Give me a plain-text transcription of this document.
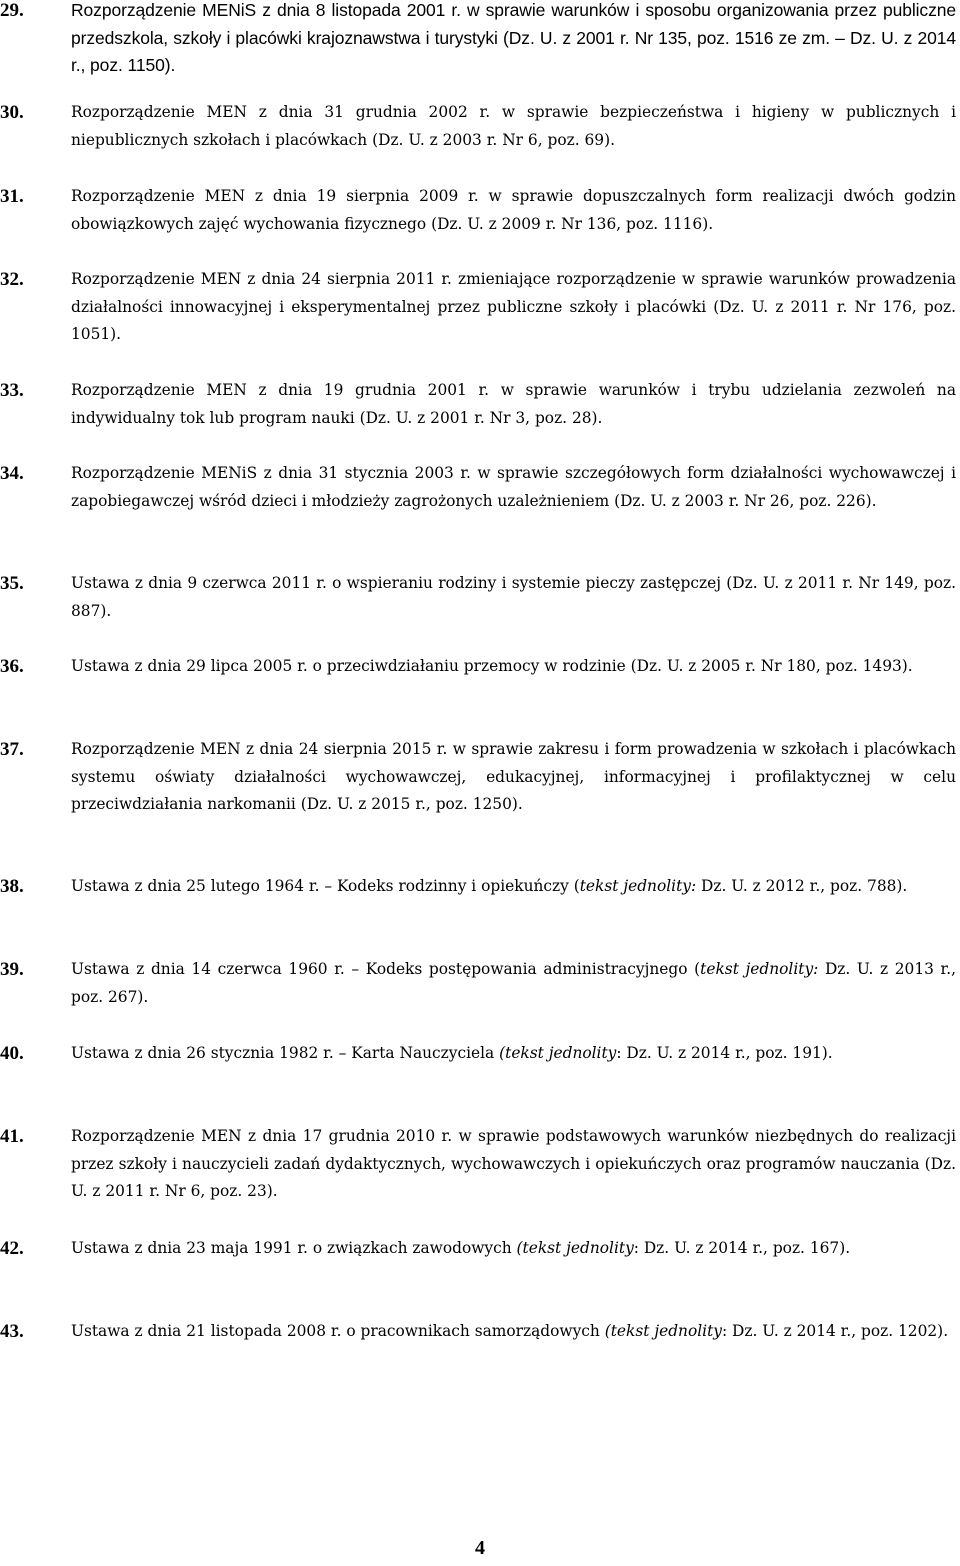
29.	Rozporządzenie MENiS z dnia 8 listopada 2001 r. w sprawie warunków i sposobu organizowania przez publiczne przedszkola, szkoły i placówki krajoznawstwa i turystyki (Dz. U. z 2001 r. Nr 135, poz. 1516 ze zm. – Dz. U. z 2014 r., poz. 1150).
30.	Rozporządzenie MEN z dnia 31 grudnia 2002 r. w sprawie bezpieczeństwa i higieny w publicznych i niepublicznych szkołach i placówkach (Dz. U. z 2003 r. Nr 6, poz. 69).
31.	Rozporządzenie MEN z dnia 19 sierpnia 2009 r. w sprawie dopuszczalnych form realizacji dwóch godzin obowiązkowych zajęć wychowania fizycznego (Dz. U. z 2009 r. Nr 136, poz. 1116).
32.	Rozporządzenie MEN z dnia 24 sierpnia 2011 r. zmieniające rozporządzenie w sprawie warunków prowadzenia działalności innowacyjnej i eksperymentalnej przez publiczne szkoły i placówki (Dz. U. z 2011 r. Nr 176, poz. 1051).
33.	Rozporządzenie MEN z dnia 19 grudnia 2001 r. w sprawie warunków i trybu udzielania zezwoleń na indywidualny tok lub program nauki (Dz. U. z 2001 r. Nr 3, poz. 28).
34.	Rozporządzenie MENiS z dnia 31 stycznia 2003 r. w sprawie szczegółowych form działalności wychowawczej i zapobiegawczej wśród dzieci i młodzieży zagrożonych uzależnieniem (Dz. U. z 2003 r. Nr 26, poz. 226).
35.	Ustawa z dnia 9 czerwca 2011 r. o wspieraniu rodziny i systemie pieczy zastępczej (Dz. U. z 2011 r. Nr 149, poz. 887).
36.	Ustawa z dnia 29 lipca 2005 r. o przeciwdziałaniu przemocy w rodzinie (Dz. U. z 2005 r. Nr 180, poz. 1493).
37.	Rozporządzenie MEN z dnia 24 sierpnia 2015 r. w sprawie zakresu i form prowadzenia w szkołach i placówkach systemu oświaty działalności wychowawczej, edukacyjnej, informacyjnej i profilaktycznej w celu przeciwdziałania narkomanii (Dz. U. z 2015 r., poz. 1250).
38.	Ustawa z dnia 25 lutego 1964 r. – Kodeks rodzinny i opiekuńczy (tekst jednolity: Dz. U. z 2012 r., poz. 788).
39.	Ustawa z dnia 14 czerwca 1960 r. – Kodeks postępowania administracyjnego (tekst jednolity: Dz. U. z 2013 r., poz. 267).
40.	Ustawa z dnia 26 stycznia 1982 r. – Karta Nauczyciela (tekst jednolity: Dz. U. z 2014 r., poz. 191).
41.	Rozporządzenie MEN z dnia 17 grudnia 2010 r. w sprawie podstawowych warunków niezbędnych do realizacji przez szkoły i nauczycieli zadań dydaktycznych, wychowawczych i opiekuńczych oraz programów nauczania (Dz. U. z 2011 r. Nr 6, poz. 23).
42.	Ustawa z dnia 23 maja 1991 r. o związkach zawodowych (tekst jednolity: Dz. U. z 2014 r., poz. 167).
43.	Ustawa z dnia 21 listopada 2008 r. o pracownikach samorządowych (tekst jednolity: Dz. U. z 2014 r., poz. 1202).
4
